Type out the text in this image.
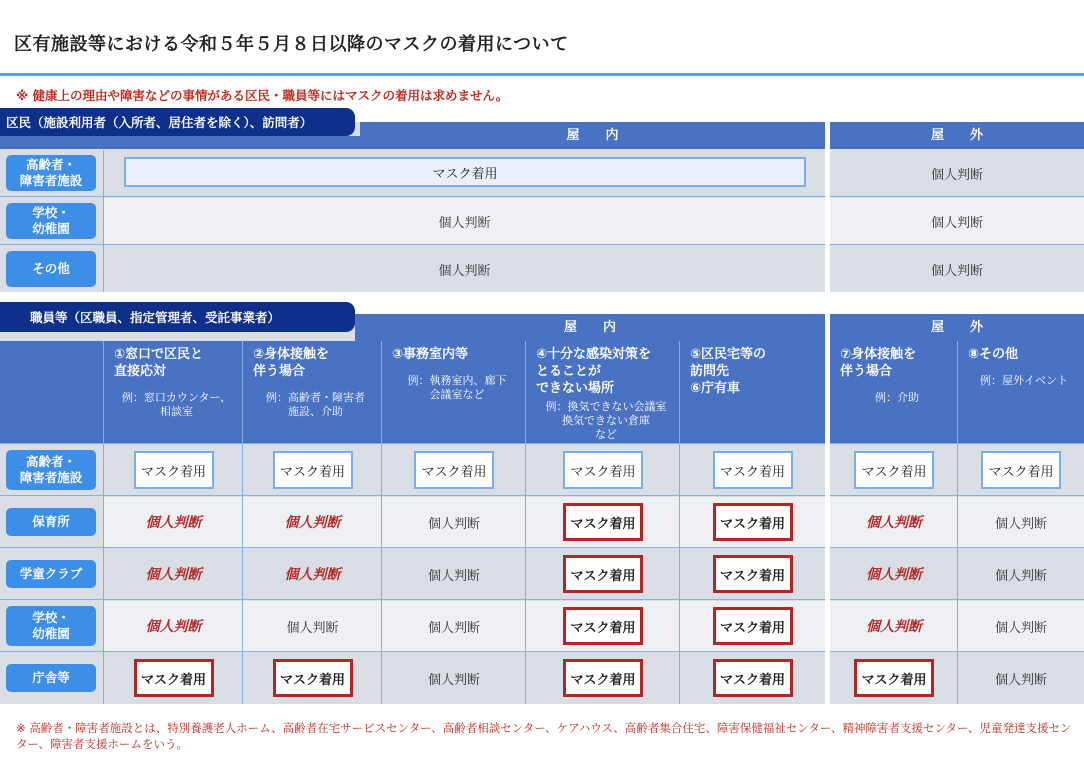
区有施設等における令和５年５月８日以降のマスクの着用について
※ 健康上の理由や障害などの事情がある区民・職員等にはマスクの着用は求めません。
区民（施設利用者（入所者、居住者を除く）、訪問者）
屋　　内	屋　　外
職員等（区職員、指定管理者、受託事業者）
屋　　内	屋　　外
※ 高齢者・障害者施設とは、特別養護老人ホーム、高齢者在宅サービスセンター、高齢者相談センター、ケアハウス、高齢者集合住宅、障害保健福祉センター、精神障害者支援センター、児童発達支援センター、障害者支援ホームをいう。
高齢者・
障害者施設	マスク着用	個人判断
学校・
幼稚園	個人判断	個人判断
その他	個人判断	個人判断
①窓口で区民と
直接応対
例：窓口カウンター、
相談室
②身体接触を
伴う場合
例：高齢者・障害者
施設、介助
③事務室内等
例：執務室内、廊下
会議室など
④十分な感染対策を
とることが
できない場所
例：換気できない会議室
換気できない倉庫
など
⑤区民宅等の
訪問先
⑥庁有車
⑦身体接触を
伴う場合
例：介助
⑧その他
例：屋外イベント
高齢者・
障害者施設	マスク着用	マスク着用	マスク着用	マスク着用	マスク着用	マスク着用	マスク着用
保育所	個人判断	個人判断	個人判断	マスク着用	マスク着用	個人判断	個人判断
学童クラブ	個人判断	個人判断	個人判断	マスク着用	マスク着用	個人判断	個人判断
学校・
幼稚園	個人判断	個人判断	個人判断	マスク着用	マスク着用	個人判断	個人判断
庁舎等	マスク着用	マスク着用	個人判断	マスク着用	マスク着用	マスク着用	個人判断
